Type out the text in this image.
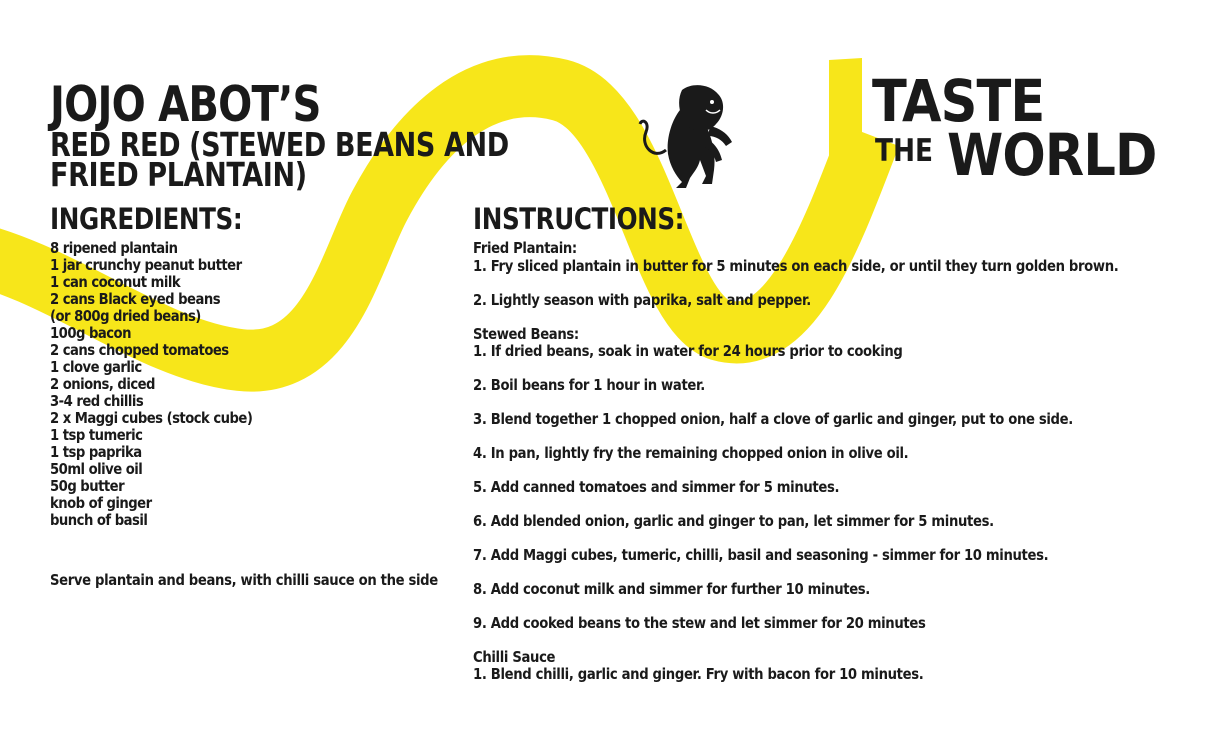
JOJO ABOT’S
RED RED (STEWED BEANS AND
FRIED PLANTAIN)
TASTE
THE WORLD
INGREDIENTS:	INSTRUCTIONS:
8 ripened plantain
1 jar crunchy peanut butter
1 can coconut milk
2 cans Black eyed beans
(or 800g dried beans)
100g bacon
2 cans chopped tomatoes
1 clove garlic
2 onions, diced
3-4 red chillis
2 x Maggi cubes (stock cube)
1 tsp tumeric
1 tsp paprika
50ml olive oil
50g butter
knob of ginger
bunch of basil
Serve plantain and beans, with chilli sauce on the side
Fried Plantain:
1. Fry sliced plantain in butter for 5 minutes on each side, or until they turn golden brown.
2. Lightly season with paprika, salt and pepper.
Stewed Beans:
1. If dried beans, soak in water for 24 hours prior to cooking
2. Boil beans for 1 hour in water.
3. Blend together 1 chopped onion, half a clove of garlic and ginger, put to one side.
4. In pan, lightly fry the remaining chopped onion in olive oil.
5. Add canned tomatoes and simmer for 5 minutes.
6. Add blended onion, garlic and ginger to pan, let simmer for 5 minutes.
7. Add Maggi cubes, tumeric, chilli, basil and seasoning - simmer for 10 minutes.
8. Add coconut milk and simmer for further 10 minutes.
9. Add cooked beans to the stew and let simmer for 20 minutes
Chilli Sauce
1. Blend chilli, garlic and ginger. Fry with bacon for 10 minutes.
